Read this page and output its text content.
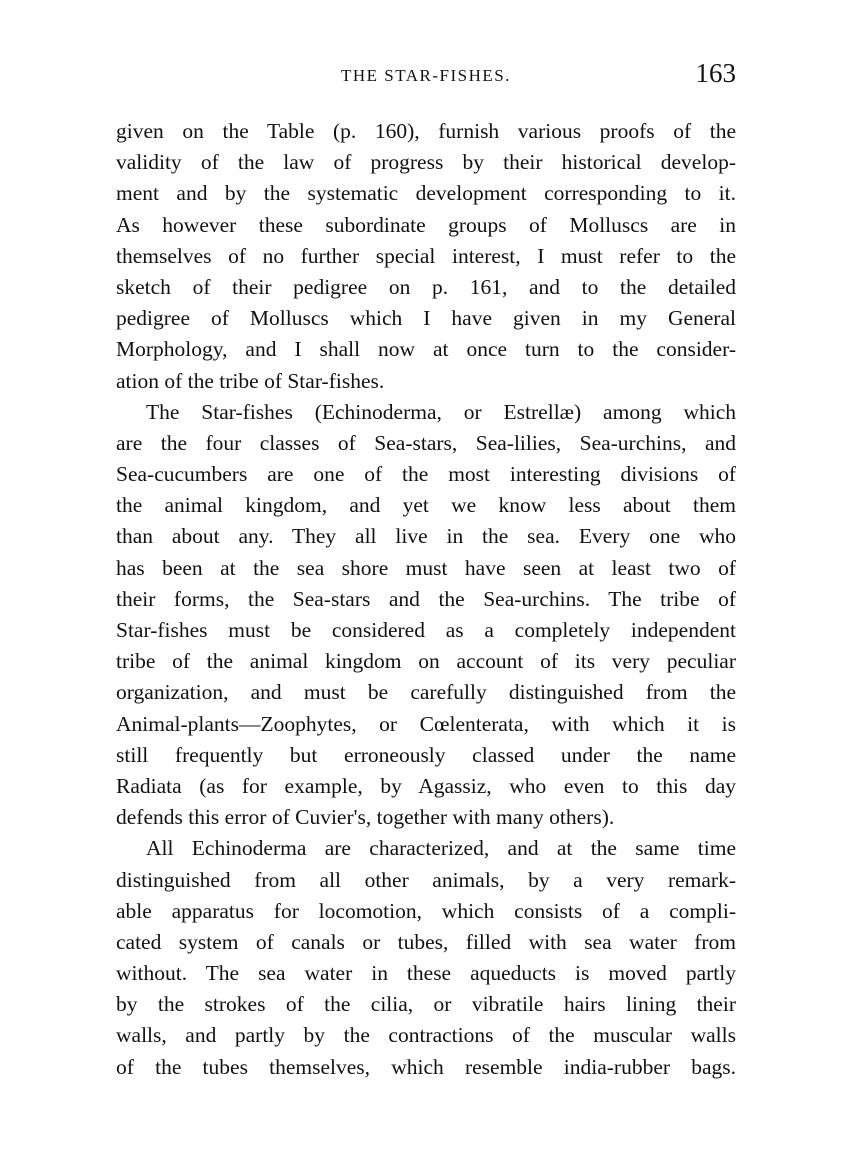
THE STAR-FISHES.	163

given on the Table (p. 160), furnish various proofs of the
validity of the law of progress by their historical develop-
ment and by the systematic development corresponding to it.
As however these subordinate groups of Molluscs are in
themselves of no further special interest, I must refer to the
sketch of their pedigree on p. 161, and to the detailed
pedigree of Molluscs which I have given in my General
Morphology, and I shall now at once turn to the consider-
ation of the tribe of Star-fishes.

The Star-fishes (Echinoderma, or Estrellæ) among which
are the four classes of Sea-stars, Sea-lilies, Sea-urchins, and
Sea-cucumbers are one of the most interesting divisions of
the animal kingdom, and yet we know less about them
than about any. They all live in the sea. Every one who
has been at the sea shore must have seen at least two of
their forms, the Sea-stars and the Sea-urchins. The tribe of
Star-fishes must be considered as a completely independent
tribe of the animal kingdom on account of its very peculiar
organization, and must be carefully distinguished from the
Animal-plants—Zoophytes, or Cœlenterata, with which it is
still frequently but erroneously classed under the name
Radiata (as for example, by Agassiz, who even to this day
defends this error of Cuvier's, together with many others).

All Echinoderma are characterized, and at the same time
distinguished from all other animals, by a very remark-
able apparatus for locomotion, which consists of a compli-
cated system of canals or tubes, filled with sea water from
without. The sea water in these aqueducts is moved partly
by the strokes of the cilia, or vibratile hairs lining their
walls, and partly by the contractions of the muscular walls
of the tubes themselves, which resemble india-rubber bags.
